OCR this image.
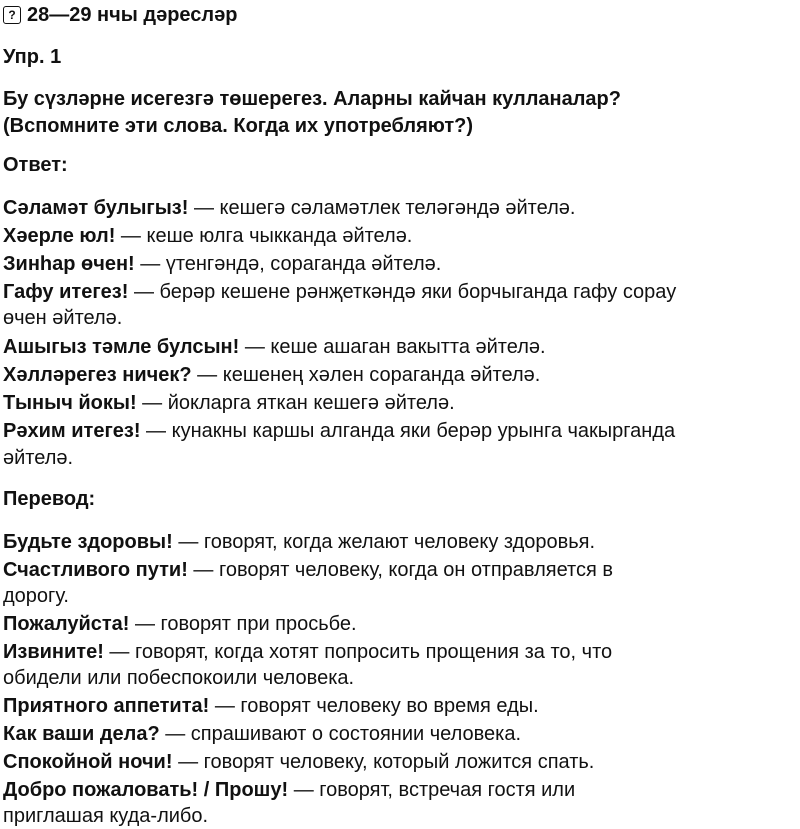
? 28—29 нчы дәресләр
Упр. 1
Бу сүзләрне исегезгә төшерегез. Аларны кайчан кулланалар?
(Вспомните эти слова. Когда их употребляют?)
Ответ:
Сәламәт булыгыз! — кешегә сәламәтлек теләгәндә әйтелә.
Хәерле юл! — кеше юлга чыкканда әйтелә.
Зинһар өчен! — үтенгәндә, сораганда әйтелә.
Гафу итегез! — берәр кешене рәнҗеткәндә яки борчыганда гафу сорау
өчен әйтелә.
Ашыгыз тәмле булсын! — кеше ашаган вакытта әйтелә.
Хәлләрегез ничек? — кешенең хәлен сораганда әйтелә.
Тыныч йокы! — йокларга яткан кешегә әйтелә.
Рәхим итегез! — кунакны каршы алганда яки берәр урынга чакырганда
әйтелә.
Перевод:
Будьте здоровы! — говорят, когда желают человеку здоровья.
Счастливого пути! — говорят человеку, когда он отправляется в
дорогу.
Пожалуйста! — говорят при просьбе.
Извините! — говорят, когда хотят попросить прощения за то, что
обидели или побеспокоили человека.
Приятного аппетита! — говорят человеку во время еды.
Как ваши дела? — спрашивают о состоянии человека.
Спокойной ночи! — говорят человеку, который ложится спать.
Добро пожаловать! / Прошу! — говорят, встречая гостя или
приглашая куда-либо.
